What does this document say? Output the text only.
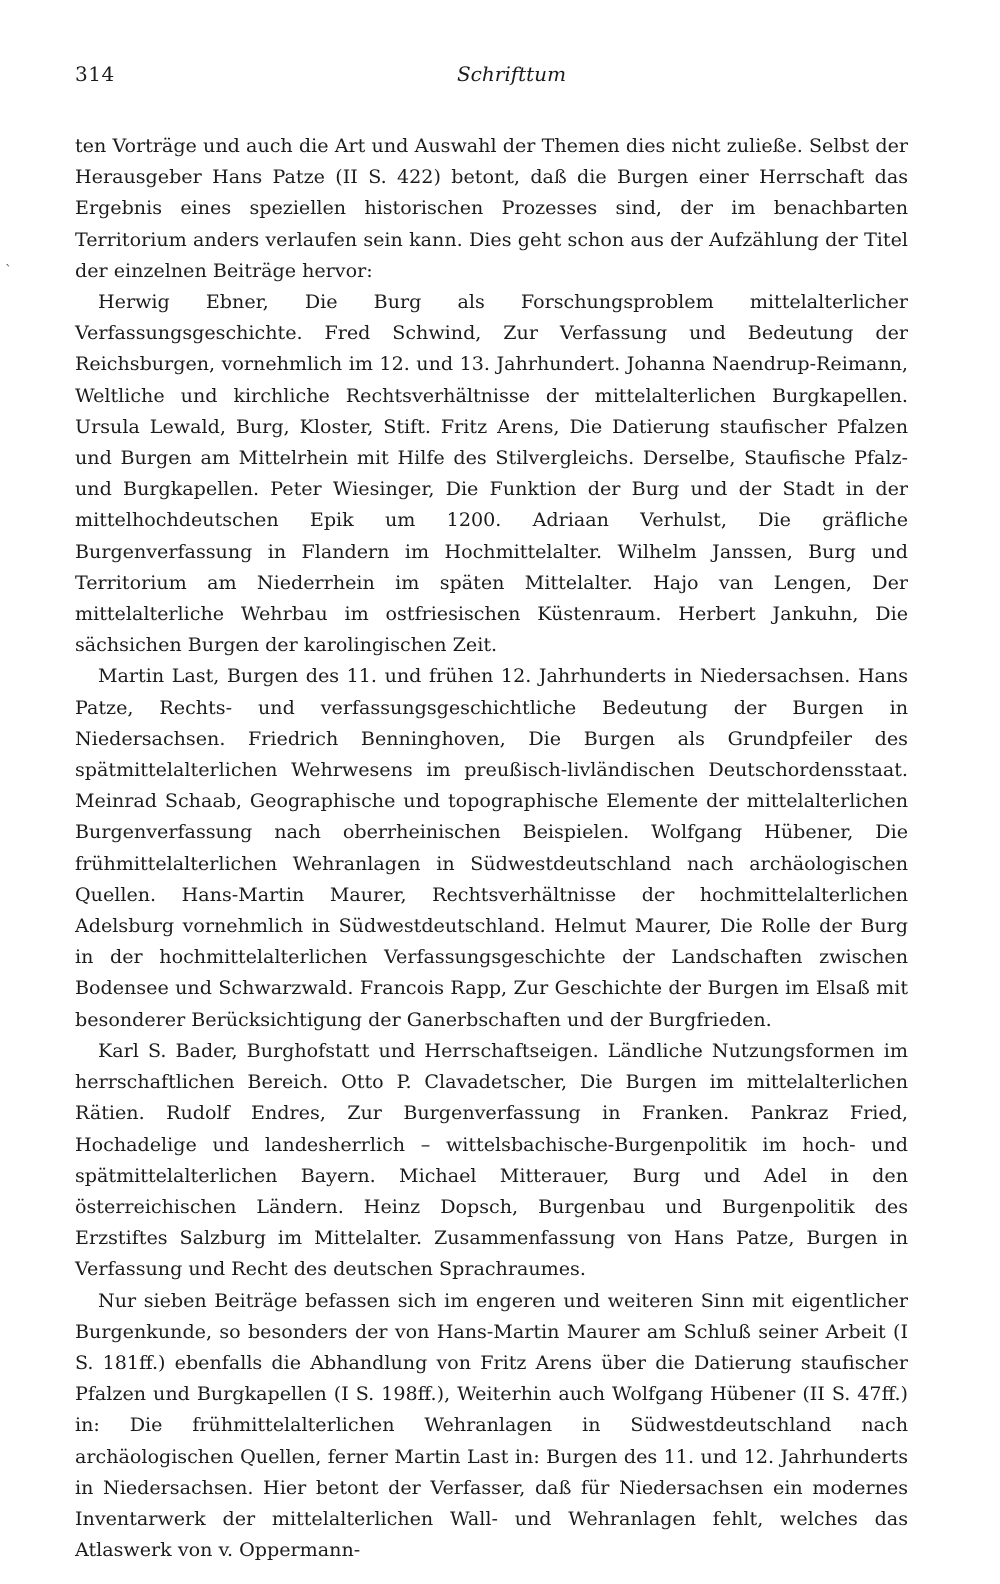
314	Schrifttum
`

ten Vorträge und auch die Art und Auswahl der Themen dies nicht zuließe. Selbst der Herausgeber Hans Patze (II S. 422) betont, daß die Burgen einer Herrschaft das Ergebnis eines speziellen historischen Prozesses sind, der im benachbarten Territorium anders verlaufen sein kann. Dies geht schon aus der Aufzählung der Titel der einzelnen Beiträge hervor:

Herwig Ebner, Die Burg als Forschungsproblem mittelalterlicher Verfassungsgeschichte. Fred Schwind, Zur Verfassung und Bedeutung der Reichsburgen, vornehmlich im 12. und 13. Jahrhundert. Johanna Naendrup-Reimann, Weltliche und kirchliche Rechtsverhältnisse der mittelalterlichen Burgkapellen. Ursula Lewald, Burg, Kloster, Stift. Fritz Arens, Die Datierung staufischer Pfalzen und Burgen am Mittelrhein mit Hilfe des Stilvergleichs. Derselbe, Staufische Pfalz- und Burgkapellen. Peter Wiesinger, Die Funktion der Burg und der Stadt in der mittelhochdeutschen Epik um 1200. Adriaan Verhulst, Die gräfliche Burgenverfassung in Flandern im Hochmittelalter. Wilhelm Janssen, Burg und Territorium am Niederrhein im späten Mittelalter. Hajo van Lengen, Der mittelalterliche Wehrbau im ostfriesischen Küstenraum. Herbert Jankuhn, Die sächsichen Burgen der karolingischen Zeit.

Martin Last, Burgen des 11. und frühen 12. Jahrhunderts in Niedersachsen. Hans Patze, Rechts- und verfassungsgeschichtliche Bedeutung der Burgen in Niedersachsen. Friedrich Benninghoven, Die Burgen als Grundpfeiler des spätmittelalterlichen Wehrwesens im preußisch-livländischen Deutschordensstaat. Meinrad Schaab, Geographische und topographische Elemente der mittelalterlichen Burgenverfassung nach oberrheinischen Beispielen. Wolfgang Hübener, Die frühmittelalterlichen Wehranlagen in Südwestdeutschland nach archäologischen Quellen. Hans-Martin Maurer, Rechtsverhältnisse der hochmittelalterlichen Adelsburg vornehmlich in Südwestdeutschland. Helmut Maurer, Die Rolle der Burg in der hochmittelalterlichen Verfassungsgeschichte der Landschaften zwischen Bodensee und Schwarzwald. Francois Rapp, Zur Geschichte der Burgen im Elsaß mit besonderer Berücksichtigung der Ganerbschaften und der Burgfrieden.

Karl S. Bader, Burghofstatt und Herrschaftseigen. Ländliche Nutzungsformen im herrschaftlichen Bereich. Otto P. Clavadetscher, Die Burgen im mittelalterlichen Rätien. Rudolf Endres, Zur Burgenverfassung in Franken. Pankraz Fried, Hochadelige und landesherrlich – wittelsbachische-Burgenpolitik im hoch- und spätmittelalterlichen Bayern. Michael Mitterauer, Burg und Adel in den österreichischen Ländern. Heinz Dopsch, Burgenbau und Burgenpolitik des Erzstiftes Salzburg im Mittelalter. Zusammenfassung von Hans Patze, Burgen in Verfassung und Recht des deutschen Sprachraumes.

Nur sieben Beiträge befassen sich im engeren und weiteren Sinn mit eigentlicher Burgenkunde, so besonders der von Hans-Martin Maurer am Schluß seiner Arbeit (I S. 181ff.) ebenfalls die Abhandlung von Fritz Arens über die Datierung staufischer Pfalzen und Burgkapellen (I S. 198ff.), Weiterhin auch Wolfgang Hübener (II S. 47ff.) in: Die frühmittelalterlichen Wehranlagen in Südwestdeutschland nach archäologischen Quellen, ferner Martin Last in: Burgen des 11. und 12. Jahrhunderts in Niedersachsen. Hier betont der Verfasser, daß für Niedersachsen ein modernes Inventarwerk der mittelalterlichen Wall- und Wehranlagen fehlt, welches das Atlaswerk von v. Oppermann-
